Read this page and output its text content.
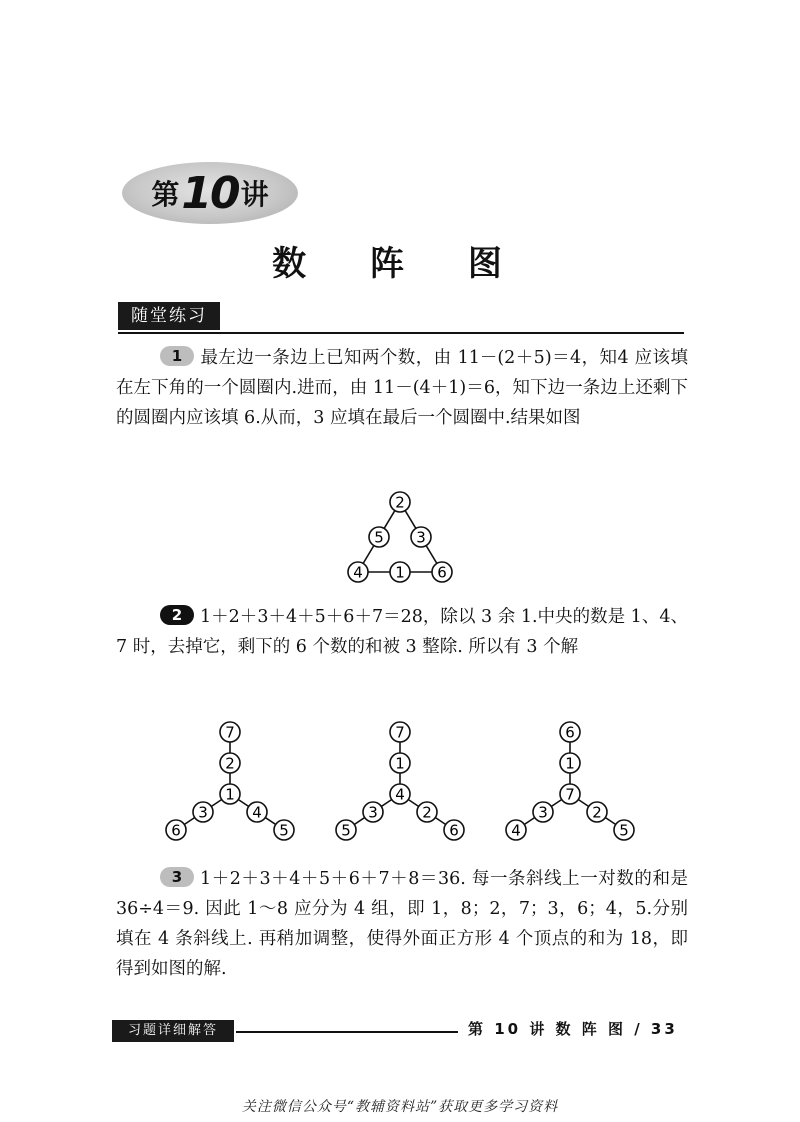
第 10 讲
数 阵 图
随堂练习
1 最左边一条边上已知两个数，由 11－(2＋5)＝4，知4 应该填在左下角的一个圆圈内.进而，由 11－(4＋1)＝6，知下边一条边上还剩下的圆圈内应该填 6.从而，3 应填在最后一个圆圈中.结果如图
2
5 3
4 1 6
2 1＋2＋3＋4＋5＋6＋7＝28，除以 3 余 1.中央的数是 1、4、7 时，去掉它，剩下的 6 个数的和被 3 整除. 所以有 3 个解
7
2
1
3
6
4
5
7
1
4
3
5
2
6
6
1
7
3
4
2
5
3 1＋2＋3＋4＋5＋6＋7＋8＝36. 每一条斜线上一对数的和是 36÷4＝9. 因此 1～8 应分为 4 组，即 1，8；2，7；3，6；4，5.分别填在 4 条斜线上. 再稍加调整，使得外面正方形 4 个顶点的和为 18，即得到如图的解.
习题详细解答	第 10 讲 数 阵 图 / 33
关注微信公众号“教辅资料站”获取更多学习资料
